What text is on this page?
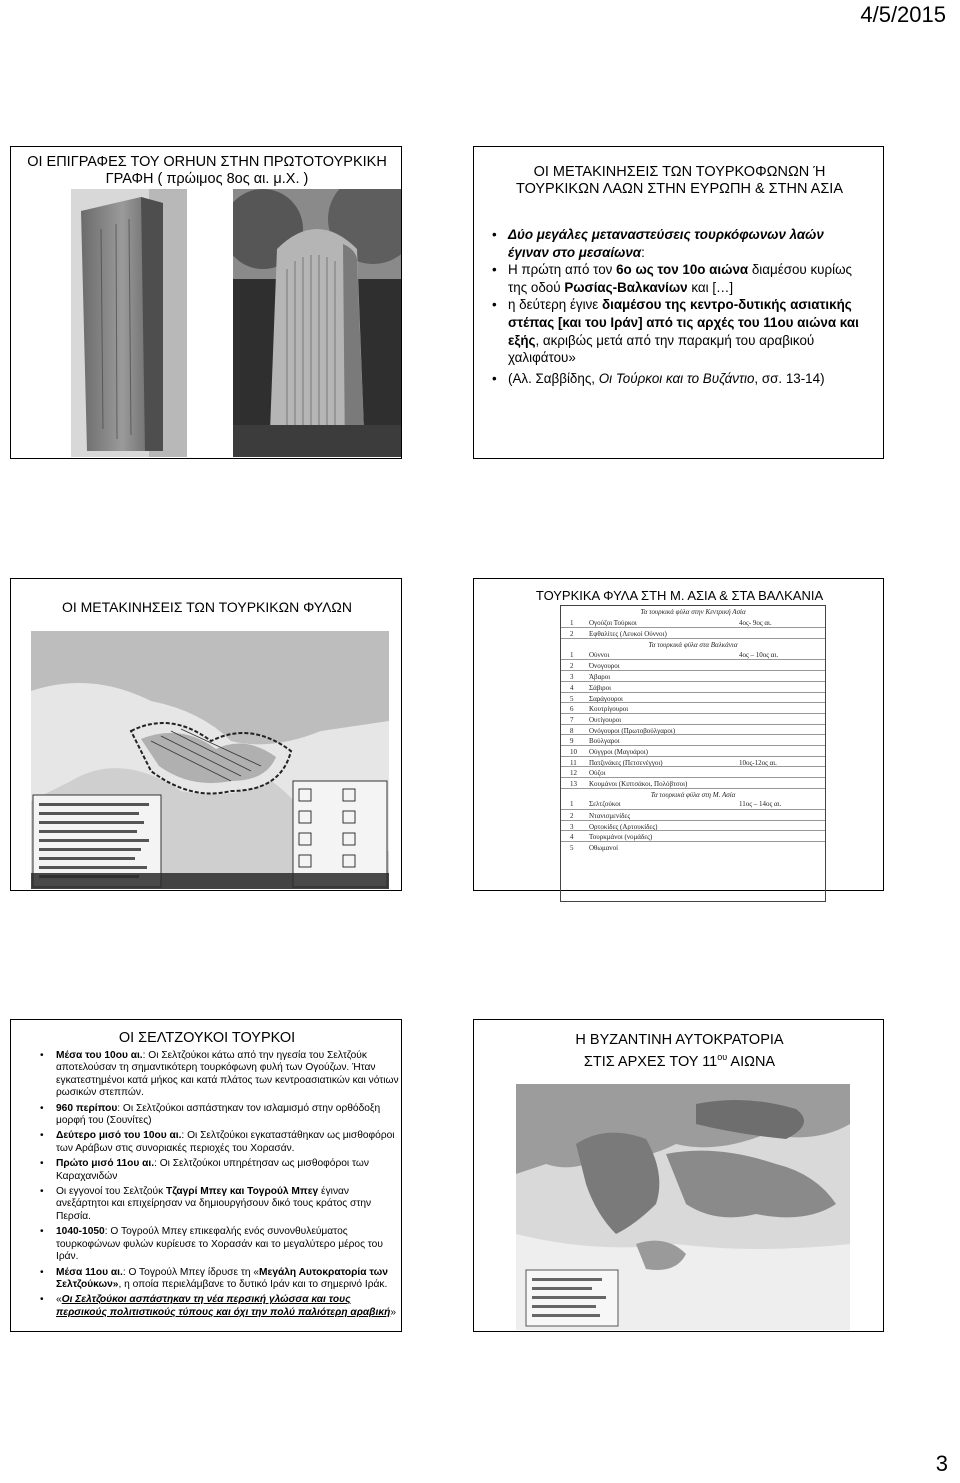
4/5/2015
3
ΟΙ ΕΠΙΓΡΑΦΕΣ ΤΟΥ ORHUN ΣΤΗΝ ΠΡΩΤΟΤΟΥΡΚΙΚΗ
ΓΡΑΦΗ ( πρώιμος 8ος αι. μ.Χ. )	ΟΙ ΜΕΤΑΚΙΝΗΣΕΙΣ ΤΩΝ ΤΟΥΡΚΟΦΩΝΩΝ Ή
ΤΟΥΡΚΙΚΩΝ ΛΑΩΝ ΣΤΗΝ ΕΥΡΩΠΗ & ΣΤΗΝ ΑΣΙΑ
• Δύο μεγάλες μεταναστεύσεις τουρκόφωνων λαών έγιναν στο μεσαίωνα:
• Η πρώτη από τον 6ο ως τον 10ο αιώνα διαμέσου κυρίως της οδού Ρωσίας-Βαλκανίων και […]
• η δεύτερη έγινε διαμέσου της κεντρο-δυτικής ασιατικής στέπας [και του Ιράν] από τις αρχές του 11ου αιώνα και εξής, ακριβώς μετά από την παρακμή του αραβικού χαλιφάτου»
• (Αλ. Σαββίδης, Οι Τούρκοι και το Βυζάντιο, σσ. 13-14)
ΟΙ ΜΕΤΑΚΙΝΗΣΕΙΣ ΤΩΝ ΤΟΥΡΚΙΚΩΝ ΦΥΛΩΝ
ΤΟΥΡΚΙΚΑ ΦΥΛΑ ΣΤΗ Μ. ΑΣΙΑ & ΣΤΑ ΒΑΛΚΑΝΙΑ
Τα τουρκικά φύλα στην Κεντρική Ασία
1 Ογούζοι Τούρκοι	4ος- 9ος αι.
2 Εφθαλίτες (Λευκοί Ούννοι)
Τα τουρκικά φύλα στα Βαλκάνια
1 Ούννοι	4ος – 10ος αι.
2 Όνογουροι
3 Άβαροι
4 Σάβιροι
5 Σαράγουροι
6 Κουτρίγουροι
7 Ουτίγουροι
8 Ονόγουροι (Πρωτοβούλγαροι)
9 Βούλγαροι
10 Ούγγροι (Μαγυάροι)
11 Πατζινάκες (Πετσενέγγοι)	10ος-12ος αι.
12 Ούζοι
13 Κουμάνοι (Κιπτσάκοι, Πολόβτσοι)
Τα τουρκικά φύλα στη Μ. Ασία
1 Σελτζούκοι	11ος – 14ος αι.
2 Ντανισμενίδες
3 Ορτοκίδες (Αρτουκίδες)
4 Τουρκμάνοι (νομάδες)
5 Οθωμανοί
ΟΙ ΣΕΛΤΖΟΥΚΟΙ ΤΟΥΡΚΟΙ
• Μέσα του 10ου αι.: Οι Σελτζούκοι κάτω από την ηγεσία του Σελτζούκ αποτελούσαν τη σημαντικότερη τουρκόφωνη φυλή των Ογούζων. Ήταν εγκατεστημένοι κατά μήκος και κατά πλάτος των κεντροασιατικών και νότιων ρωσικών στεππών.
• 960 περίπου: Οι Σελτζούκοι ασπάστηκαν τον ισλαμισμό στην ορθόδοξη μορφή του (Σουνίτες)
• Δεύτερο μισό του 10ου αι.: Οι Σελτζούκοι εγκαταστάθηκαν ως μισθοφόροι των Αράβων στις συνοριακές περιοχές του Χορασάν.
• Πρώτο μισό 11ου αι.: Οι Σελτζούκοι υπηρέτησαν ως μισθοφόροι των Καραχανιδών
• Οι εγγονοί του Σελτζούκ Τζαγρί Μπεγ και Τογρούλ Μπεγ έγιναν ανεξάρτητοι και επιχείρησαν να δημιουργήσουν δικό τους κράτος στην Περσία.
• 1040-1050: Ο Τογρούλ Μπεγ επικεφαλής ενός συνονθυλεύματος τουρκοφώνων φυλών κυρίευσε το Χορασάν και το μεγαλύτερο μέρος του Ιράν.
• Μέσα 11ου αι.: Ο Τογρούλ Μπεγ ίδρυσε τη «Μεγάλη Αυτοκρατορία των Σελτζούκων», η οποία περιελάμβανε το δυτικό Ιράν και το σημερινό Ιράκ.
• «Οι Σελτζούκοι ασπάστηκαν τη νέα περσική γλώσσα και τους περσικούς πολιτιστικούς τύπους και όχι την πολύ παλιότερη αραβική»
Η ΒΥΖΑΝΤΙΝΗ ΑΥΤΟΚΡΑΤΟΡΙΑ
ΣΤΙΣ ΑΡΧΕΣ ΤΟΥ $11^{o\upsilon}$ ΑΙΩΝΑ
